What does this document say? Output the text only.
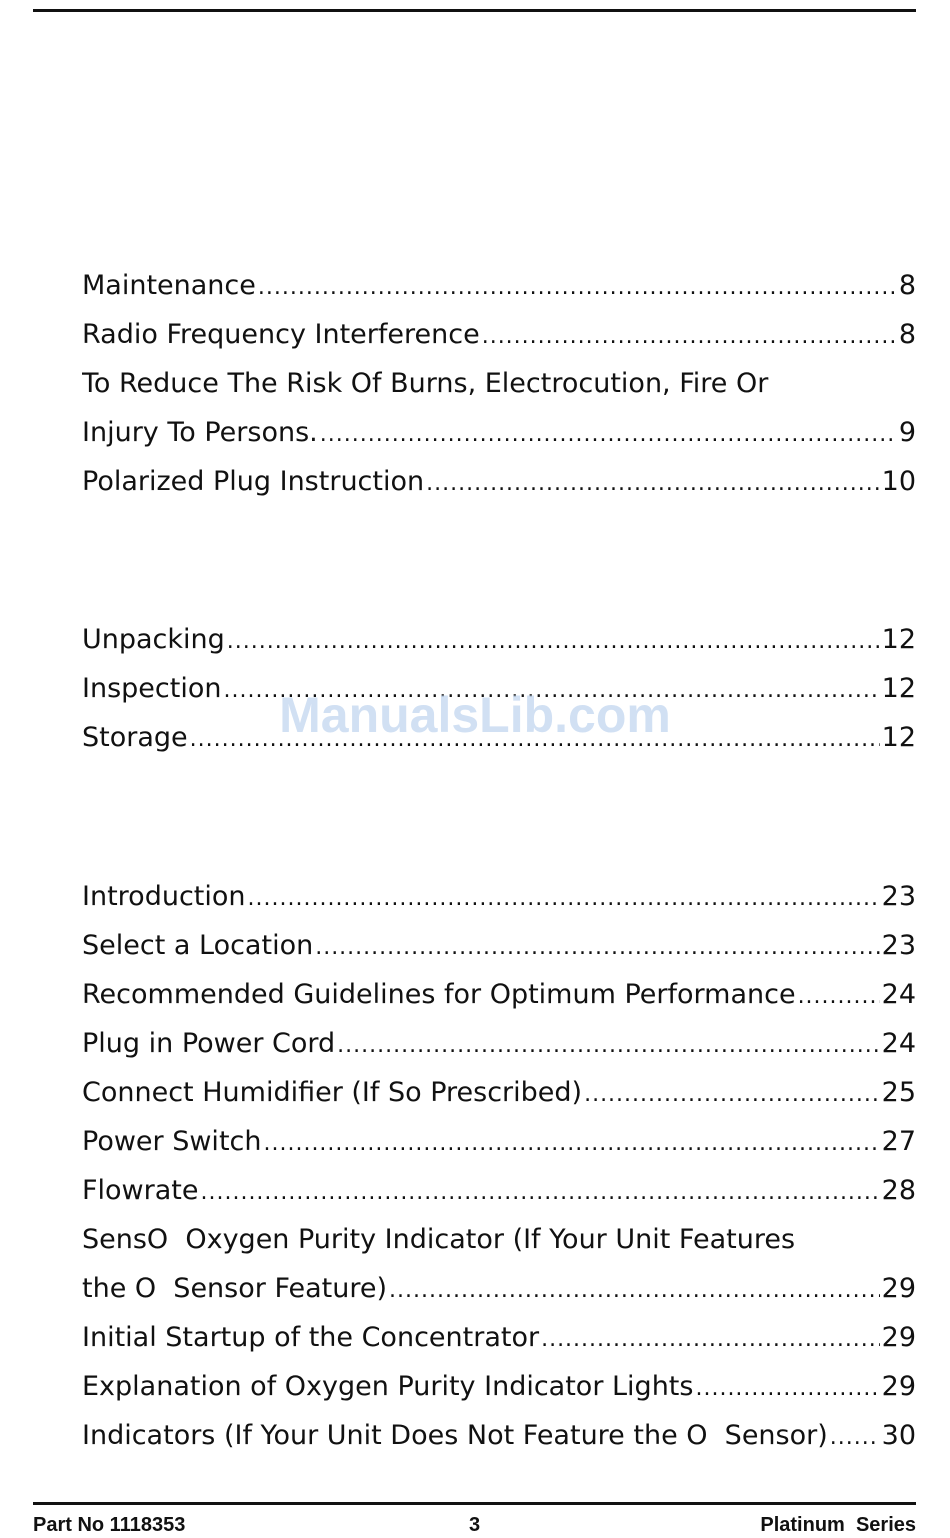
Maintenance .....	8
Radio Frequency Interference .....	8
To Reduce The Risk Of Burns, Electrocution, Fire Or
Injury To Persons. .....	9
Polarized Plug Instruction .....	10
Unpacking .....	12
Inspection .....	12
Storage .....	12
Introduction .....	23
Select a Location .....	23
Recommended Guidelines for Optimum Performance .....	24
Plug in Power Cord .....	24
Connect Humidifier (If So Prescribed) .....	25
Power Switch .....	27
Flowrate .....	28
SensO  Oxygen Purity Indicator (If Your Unit Features
the O  Sensor Feature) .....	29
Initial Startup of the Concentrator .....	29
Explanation of Oxygen Purity Indicator Lights .....	29
Indicators (If Your Unit Does Not Feature the O  Sensor) ..... 30
ManualsLib.com
3
Part No 1118353	Platinum  Series
